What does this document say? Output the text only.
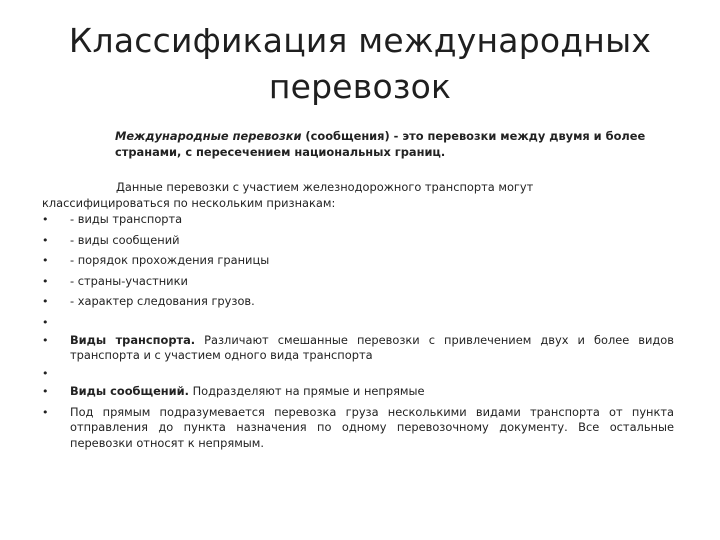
Классификация международных
перевозок
Международные перевозки (сообщения) - это перевозки между двумя и более странами, с пересечением национальных границ.
Данные перевозки с участием железнодорожного транспорта могут
классифицироваться по нескольким признакам:
•	- виды транспорта
•	- виды сообщений
•	- порядок прохождения границы
•	- страны-участники
•	- характер следования грузов.
•
•	Виды транспорта. Различают смешанные перевозки с привлечением двух и более видов транспорта и с участием одного вида транспорта
•
•	Виды сообщений. Подразделяют на прямые и непрямые
•	Под прямым подразумевается перевозка груза несколькими видами транспорта от пункта отправления до пункта назначения по одному перевозочному документу. Все остальные перевозки относят к непрямым.
